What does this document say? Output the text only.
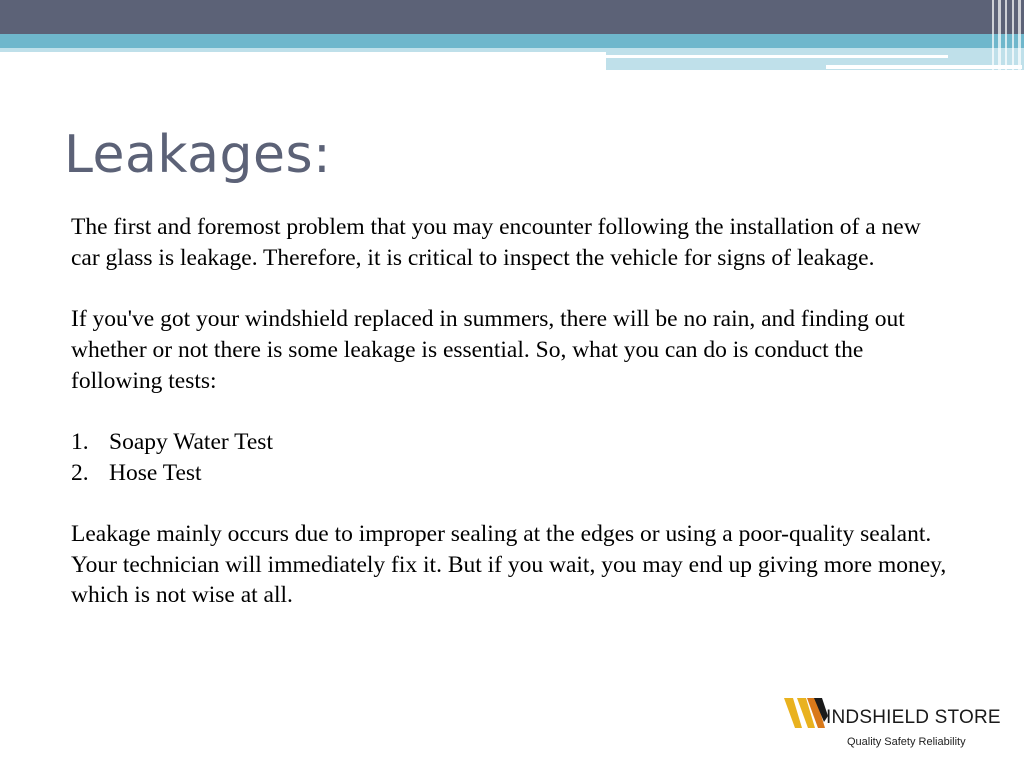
Leakages:

The first and foremost problem that you may encounter following the installation of a new car glass is leakage. Therefore, it is critical to inspect the vehicle for signs of leakage.

If you've got your windshield replaced in summers, there will be no rain, and finding out whether or not there is some leakage is essential. So, what you can do is conduct the following tests:

1. Soapy Water Test
2. Hose Test

Leakage mainly occurs due to improper sealing at the edges or using a poor-quality sealant. Your technician will immediately fix it. But if you wait, you may end up giving more money, which is not wise at all.

INDSHIELD STORE
Quality Safety Reliability
